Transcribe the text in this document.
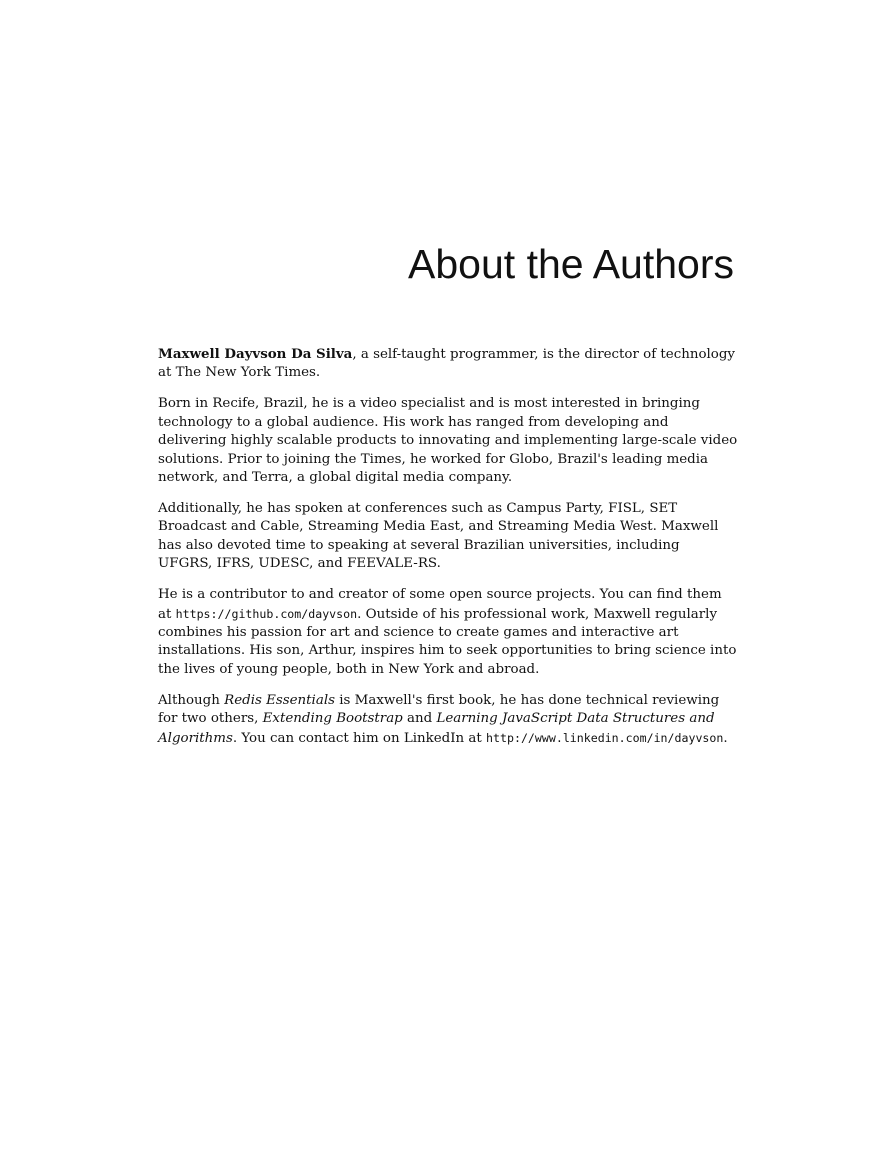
About the Authors

Maxwell Dayvson Da Silva, a self-taught programmer, is the director of technology at The New York Times.

Born in Recife, Brazil, he is a video specialist and is most interested in bringing technology to a global audience. His work has ranged from developing and delivering highly scalable products to innovating and implementing large-scale video solutions. Prior to joining the Times, he worked for Globo, Brazil's leading media network, and Terra, a global digital media company.

Additionally, he has spoken at conferences such as Campus Party, FISL, SET Broadcast and Cable, Streaming Media East, and Streaming Media West. Maxwell has also devoted time to speaking at several Brazilian universities, including UFGRS, IFRS, UDESC, and FEEVALE-RS.

He is a contributor to and creator of some open source projects. You can find them at https://github.com/dayvson. Outside of his professional work, Maxwell regularly combines his passion for art and science to create games and interactive art installations. His son, Arthur, inspires him to seek opportunities to bring science into the lives of young people, both in New York and abroad.

Although Redis Essentials is Maxwell's first book, he has done technical reviewing for two others, Extending Bootstrap and Learning JavaScript Data Structures and Algorithms. You can contact him on LinkedIn at http://www.linkedin.com/in/dayvson.
